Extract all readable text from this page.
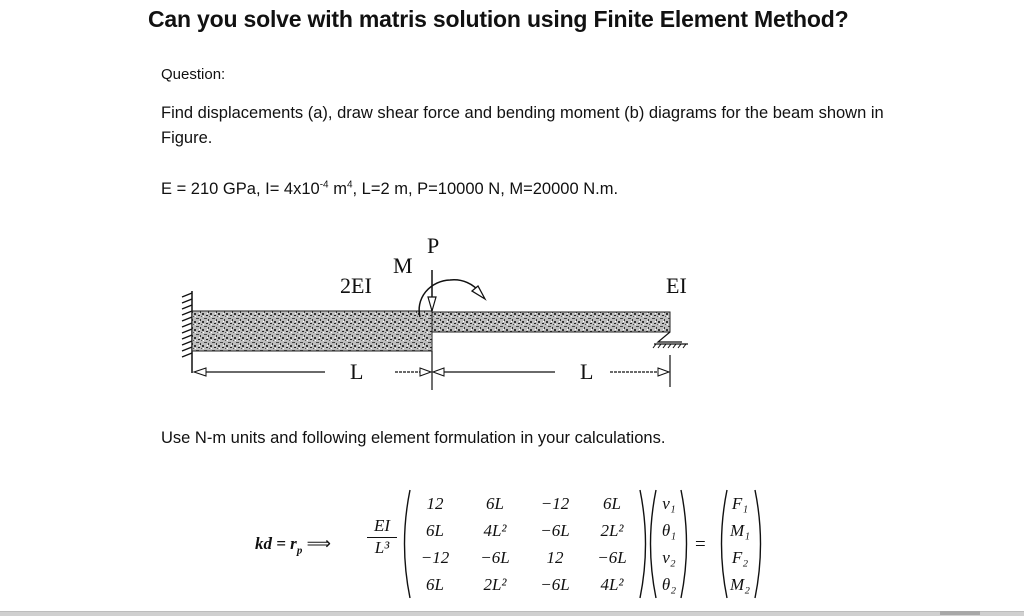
Can you solve with matris solution using Finite Element Method?
Question:
Find displacements (a), draw shear force and bending moment (b) diagrams for the beam shown in Figure.
E = 210 GPa, $I= 4x10^{-4}$ $m^4$, L=2 m, P=10000 N, M=20000 N.m.
2EI	EI
M
P
L	L
Use N-m units and following element formulation in your calculations.
kd = $r_p$ ⟹ $\frac{EI}{\text{L³}}$
12	6L	−12	6L
6L	4L²	−6L	2L²
−12	−6L	12	−6L
6L	2L²	−6L	4L²
ν₁
θ₁
ν₂
θ₂
=
F₁
M₁
F₂
M₂
